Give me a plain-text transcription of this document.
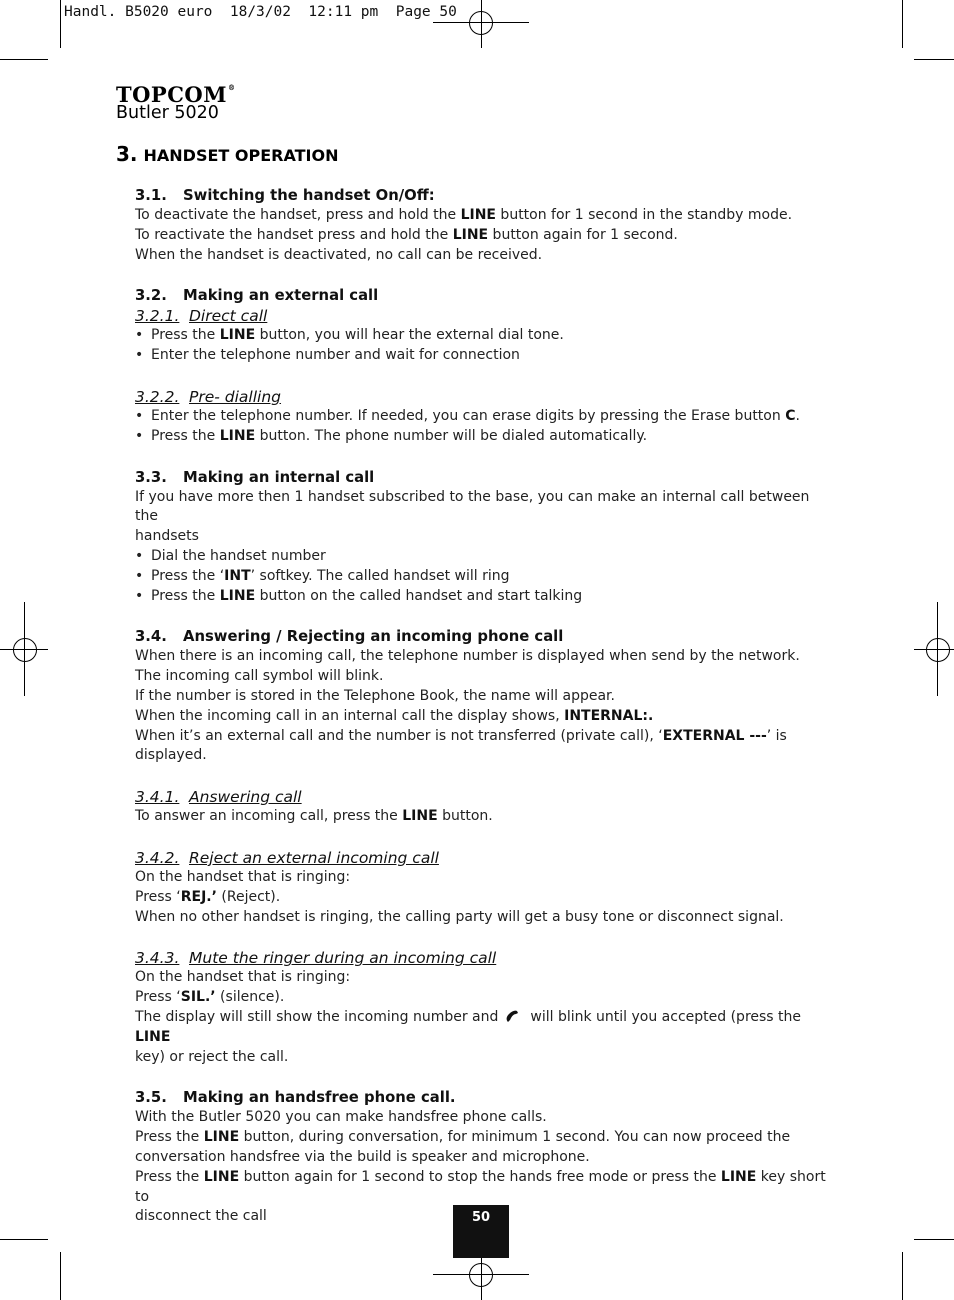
Handl. B5020 euro  18/3/02  12:11 pm  Page 50
TOPCOM®
Butler 5020
3. HANDSET OPERATION
3.1. Switching the handset On/Off:
To deactivate the handset, press and hold the LINE button for 1 second in the standby mode.
To reactivate the handset press and hold the LINE button again for 1 second.
When the handset is deactivated, no call can be received.
3.2. Making an external call
3.2.1. Direct call
• Press the LINE button, you will hear the external dial tone.
• Enter the telephone number and wait for connection
3.2.2. Pre- dialling
• Enter the telephone number. If needed, you can erase digits by pressing the Erase button C.
• Press the LINE button. The phone number will be dialed automatically.
3.3. Making an internal call
If you have more then 1 handset subscribed to the base, you can make an internal call between the
handsets
• Dial the handset number
• Press the ‘INT’ softkey. The called handset will ring
• Press the LINE button on the called handset and start talking
3.4. Answering / Rejecting an incoming phone call
When there is an incoming call, the telephone number is displayed when send by the network.
The incoming call symbol will blink.
If the number is stored in the Telephone Book, the name will appear.
When the incoming call in an internal call the display shows, INTERNAL:.
When it’s an external call and the number is not transferred (private call), ‘EXTERNAL ---’ is displayed.
3.4.1. Answering call
To answer an incoming call, press the LINE button.
3.4.2. Reject an external incoming call
On the handset that is ringing:
Press ‘REJ.’ (Reject).
When no other handset is ringing, the calling party will get a busy tone or disconnect signal.
3.4.3. Mute the ringer during an incoming call
On the handset that is ringing:
Press ‘SIL.’ (silence).
The display will still show the incoming number and will blink until you accepted (press the LINE
key) or reject the call.
3.5. Making an handsfree phone call.
With the Butler 5020 you can make handsfree phone calls.
Press the LINE button, during conversation, for minimum 1 second. You can now proceed the
conversation handsfree via the build is speaker and microphone.
Press the LINE button again for 1 second to stop the hands free mode or press the LINE key short to
disconnect the call	50
